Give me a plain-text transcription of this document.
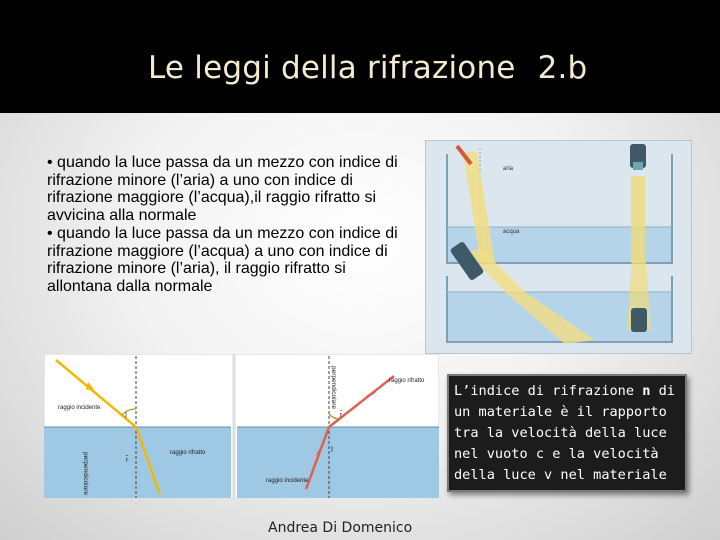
Le leggi della rifrazione 2.b

• quando la luce passa da un mezzo con indice di rifrazione minore (l’aria) a uno con indice di rifrazione maggiore (l’acqua),il raggio rifratto si avvicina alla normale

• quando la luce passa da un mezzo con indice di rifrazione maggiore (l’acqua) a uno con indice di rifrazione minore (l’aria), il raggio rifratto si allontana dalla normale

aria
acqua
perpendicolare
raggio incidente
raggio rifratto
î
r̂
perpendicolare	raggio rifratto
raggio incidente
r̂
î
L’indice di rifrazione n di un materiale è il rapporto tra la velocità della luce nel vuoto c e la velocità della luce v nel materiale
Andrea Di Domenico
